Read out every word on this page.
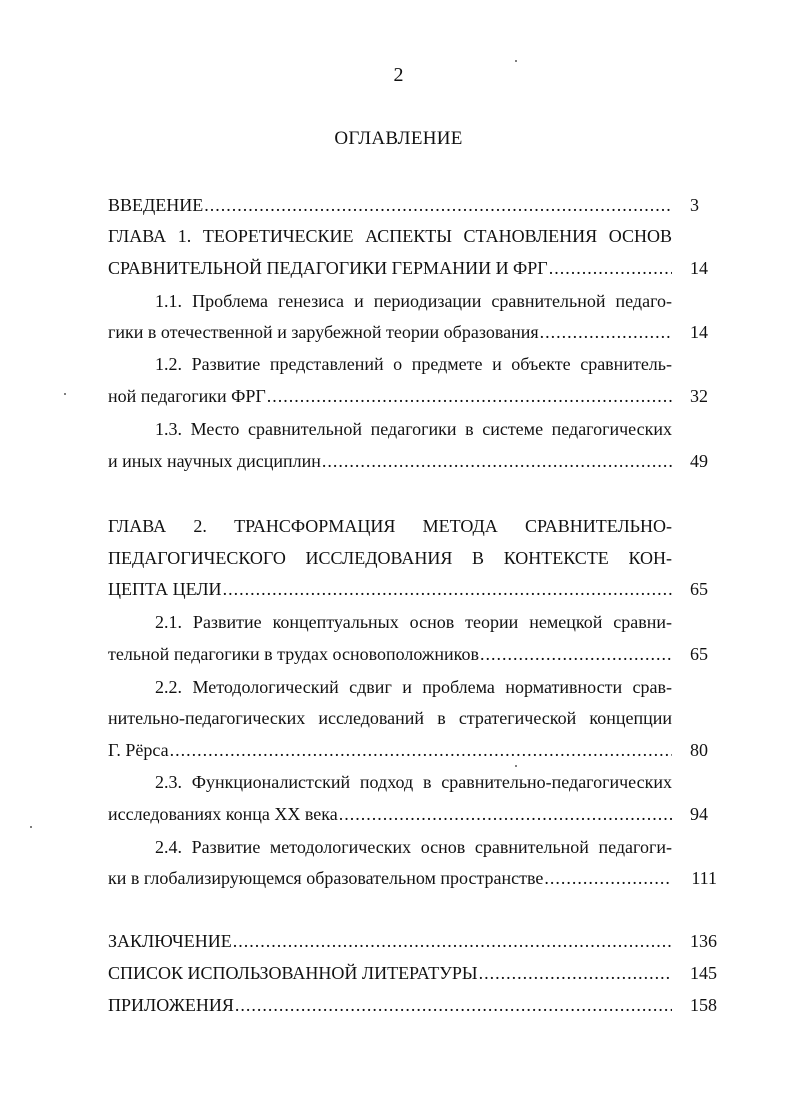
2
ОГЛАВЛЕНИЕ
ВВЕДЕНИЕ .....	3
ГЛАВА 1. ТЕОРЕТИЧЕСКИЕ АСПЕКТЫ СТАНОВЛЕНИЯ ОСНОВ
СРАВНИТЕЛЬНОЙ ПЕДАГОГИКИ ГЕРМАНИИ И ФРГ .....	14
1.1. Проблема генезиса и периодизации сравнительной педаго-
гики в отечественной и зарубежной теории образования .....	14
1.2. Развитие представлений о предмете и объекте сравнитель-
ной педагогики ФРГ .....	32
1.3. Место сравнительной педагогики в системе педагогических
и иных научных дисциплин .....	49
ГЛАВА 2. ТРАНСФОРМАЦИЯ МЕТОДА СРАВНИТЕЛЬНО-
ПЕДАГОГИЧЕСКОГО ИССЛЕДОВАНИЯ В КОНТЕКСТЕ КОН-
ЦЕПТА ЦЕЛИ .....	65
2.1. Развитие концептуальных основ теории немецкой сравни-
тельной педагогики в трудах основоположников .....	65
2.2. Методологический сдвиг и проблема нормативности срав-
нительно-педагогических исследований в стратегической концепции
Г. Рёрса .....	80
2.3. Функционалистский подход в сравнительно-педагогических
исследованиях конца XX века .....	94
2.4. Развитие методологических основ сравнительной педагоги-
ки в глобализирующемся образовательном пространстве .....	111
ЗАКЛЮЧЕНИЕ .....	136
СПИСОК ИСПОЛЬЗОВАННОЙ ЛИТЕРАТУРЫ .....	145
ПРИЛОЖЕНИЯ .....	158
